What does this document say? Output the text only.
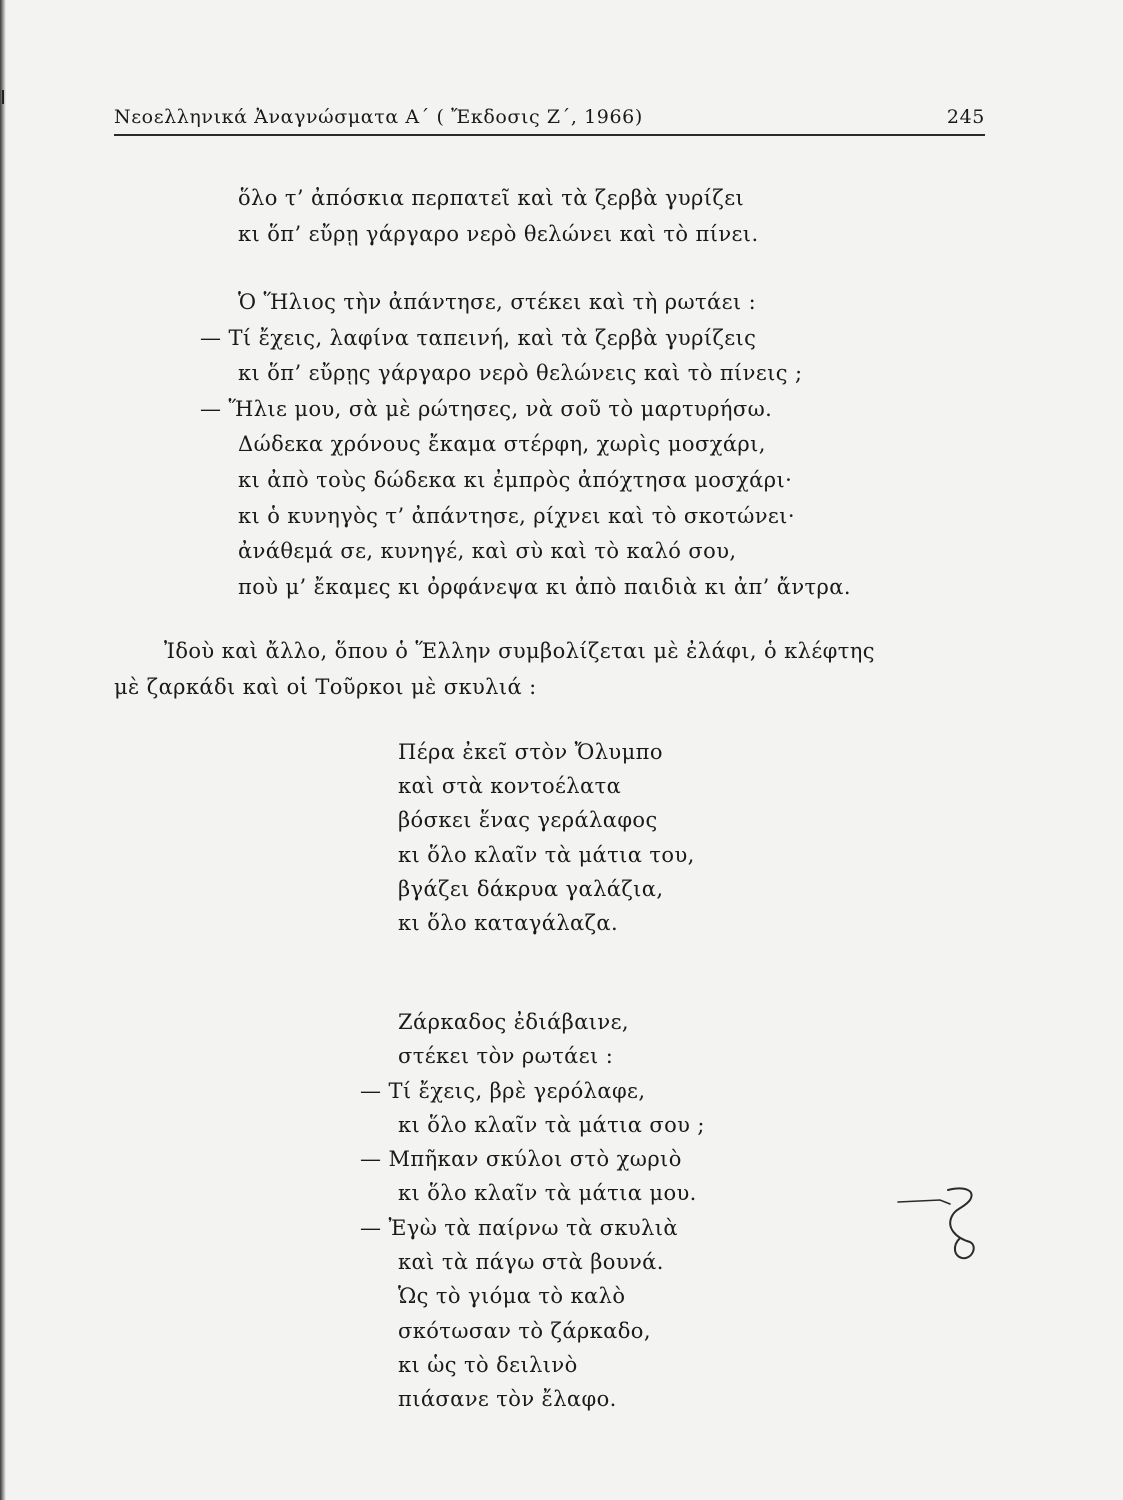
Νεοελληνικά Ἀναγνώσματα Α΄ ( Ἔκδοσις Ζ΄, 1966)	245
ὅλο τ’ ἀπόσκια περπατεῖ καὶ τὰ ζερβὰ γυρίζει
κι ὅπ’ εὔρῃ γάργαρο νερὸ θελώνει καὶ τὸ πίνει.
Ὁ Ἥλιος τὴν ἀπάντησε, στέκει καὶ τὴ ρωτάει :
— Τί ἔχεις, λαφίνα ταπεινή, καὶ τὰ ζερβὰ γυρίζεις
κι ὅπ’ εὔρῃς γάργαρο νερὸ θελώνεις καὶ τὸ πίνεις ;
— Ἥλιε μου, σὰ μὲ ρώτησες, νὰ σοῦ τὸ μαρτυρήσω.
Δώδεκα χρόνους ἔκαμα στέρφη, χωρὶς μοσχάρι,
κι ἀπὸ τοὺς δώδεκα κι ἐμπρὸς ἀπόχτησα μοσχάρι·
κι ὁ κυνηγὸς τ’ ἀπάντησε, ρίχνει καὶ τὸ σκοτώνει·
ἀνάθεμά σε, κυνηγέ, καὶ σὺ καὶ τὸ καλό σου,
ποὺ μ’ ἔκαμες κι ὀρφάνεψα κι ἀπὸ παιδιὰ κι ἀπ’ ἄντρα.

Ἰδοὺ καὶ ἄλλο, ὅπου ὁ Ἕλλην συμβολίζεται μὲ ἐλάφι, ὁ κλέφτης
μὲ ζαρκάδι καὶ οἱ Τοῦρκοι μὲ σκυλιά :

Πέρα ἐκεῖ στὸν Ὄλυμπο
καὶ στὰ κοντοέλατα
βόσκει ἕνας γεράλαφος
κι ὅλο κλαῖν τὰ μάτια του,
βγάζει δάκρυα γαλάζια,
κι ὅλο καταγάλαζα.
Ζάρκαδος ἐδιάβαινε,
στέκει τὸν ρωτάει :
— Τί ἔχεις, βρὲ γερόλαφε,
κι ὅλο κλαῖν τὰ μάτια σου ;
— Μπῆκαν σκύλοι στὸ χωριὸ
κι ὅλο κλαῖν τὰ μάτια μου.
— Ἐγὼ τὰ παίρνω τὰ σκυλιὰ
καὶ τὰ πάγω στὰ βουνά.
Ὡς τὸ γιόμα τὸ καλὸ
σκότωσαν τὸ ζάρκαδο,
κι ὡς τὸ δειλινὸ
πιάσανε τὸν ἔλαφο.
